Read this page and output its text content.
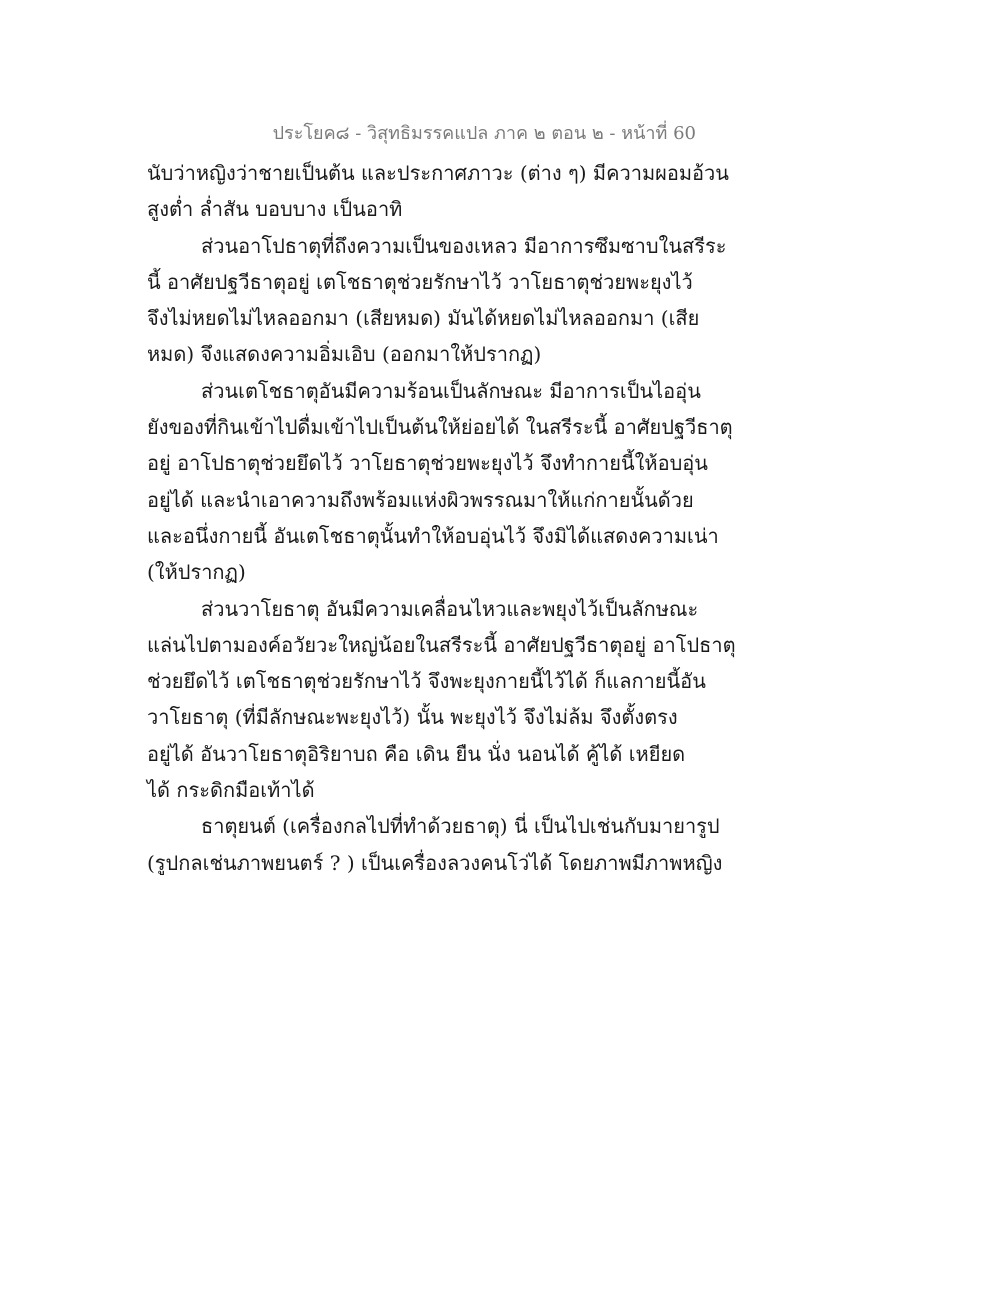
ประโยค๘ - วิสุทธิมรรคแปล ภาค ๒ ตอน ๒ - หน้าที่ 60
นับว่าหญิงว่าชายเป็นต้น และประกาศภาวะ (ต่าง ๆ) มีความผอมอ้วน
สูงต่ำ ล่ำสัน บอบบาง เป็นอาทิ
ส่วนอาโปธาตุที่ถึงความเป็นของเหลว มีอาการซึมซาบในสรีระ
นี้ อาศัยปฐวีธาตุอยู่ เตโชธาตุช่วยรักษาไว้ วาโยธาตุช่วยพะยุงไว้
จึงไม่หยดไม่ไหลออกมา (เสียหมด) มันได้หยดไม่ไหลออกมา (เสีย
หมด) จึงแสดงความอิ่มเอิบ (ออกมาให้ปรากฏ)
ส่วนเตโชธาตุอันมีความร้อนเป็นลักษณะ มีอาการเป็นไออุ่น
ยังของที่กินเข้าไปดื่มเข้าไปเป็นต้นให้ย่อยได้ ในสรีระนี้ อาศัยปฐวีธาตุ
อยู่ อาโปธาตุช่วยยึดไว้ วาโยธาตุช่วยพะยุงไว้ จึงทำกายนี้ให้อบอุ่น
อยู่ได้ และนำเอาความถึงพร้อมแห่งผิวพรรณมาให้แก่กายนั้นด้วย
และอนึ่งกายนี้ อันเตโชธาตุนั้นทำให้อบอุ่นไว้ จึงมิได้แสดงความเน่า
(ให้ปรากฏ)
ส่วนวาโยธาตุ อันมีความเคลื่อนไหวและพยุงไว้เป็นลักษณะ
แล่นไปตามองค์อวัยวะใหญ่น้อยในสรีระนี้ อาศัยปฐวีธาตุอยู่ อาโปธาตุ
ช่วยยึดไว้ เตโชธาตุช่วยรักษาไว้ จึงพะยุงกายนี้ไว้ได้ ก็แลกายนี้อัน
วาโยธาตุ (ที่มีลักษณะพะยุงไว้) นั้น พะยุงไว้ จึงไม่ล้ม จึงตั้งตรง
อยู่ได้ อันวาโยธาตุอิริยาบถ คือ เดิน ยืน นั่ง นอนได้ คู้ได้ เหยียด
ได้ กระดิกมือเท้าได้
ธาตุยนต์ (เครื่องกลไปที่ทำด้วยธาตุ) นี่ เป็นไปเช่นกับมายารูป
(รูปกลเช่นภาพยนตร์ ? ) เป็นเครื่องลวงคนโว่ได้ โดยภาพมีภาพหญิง
